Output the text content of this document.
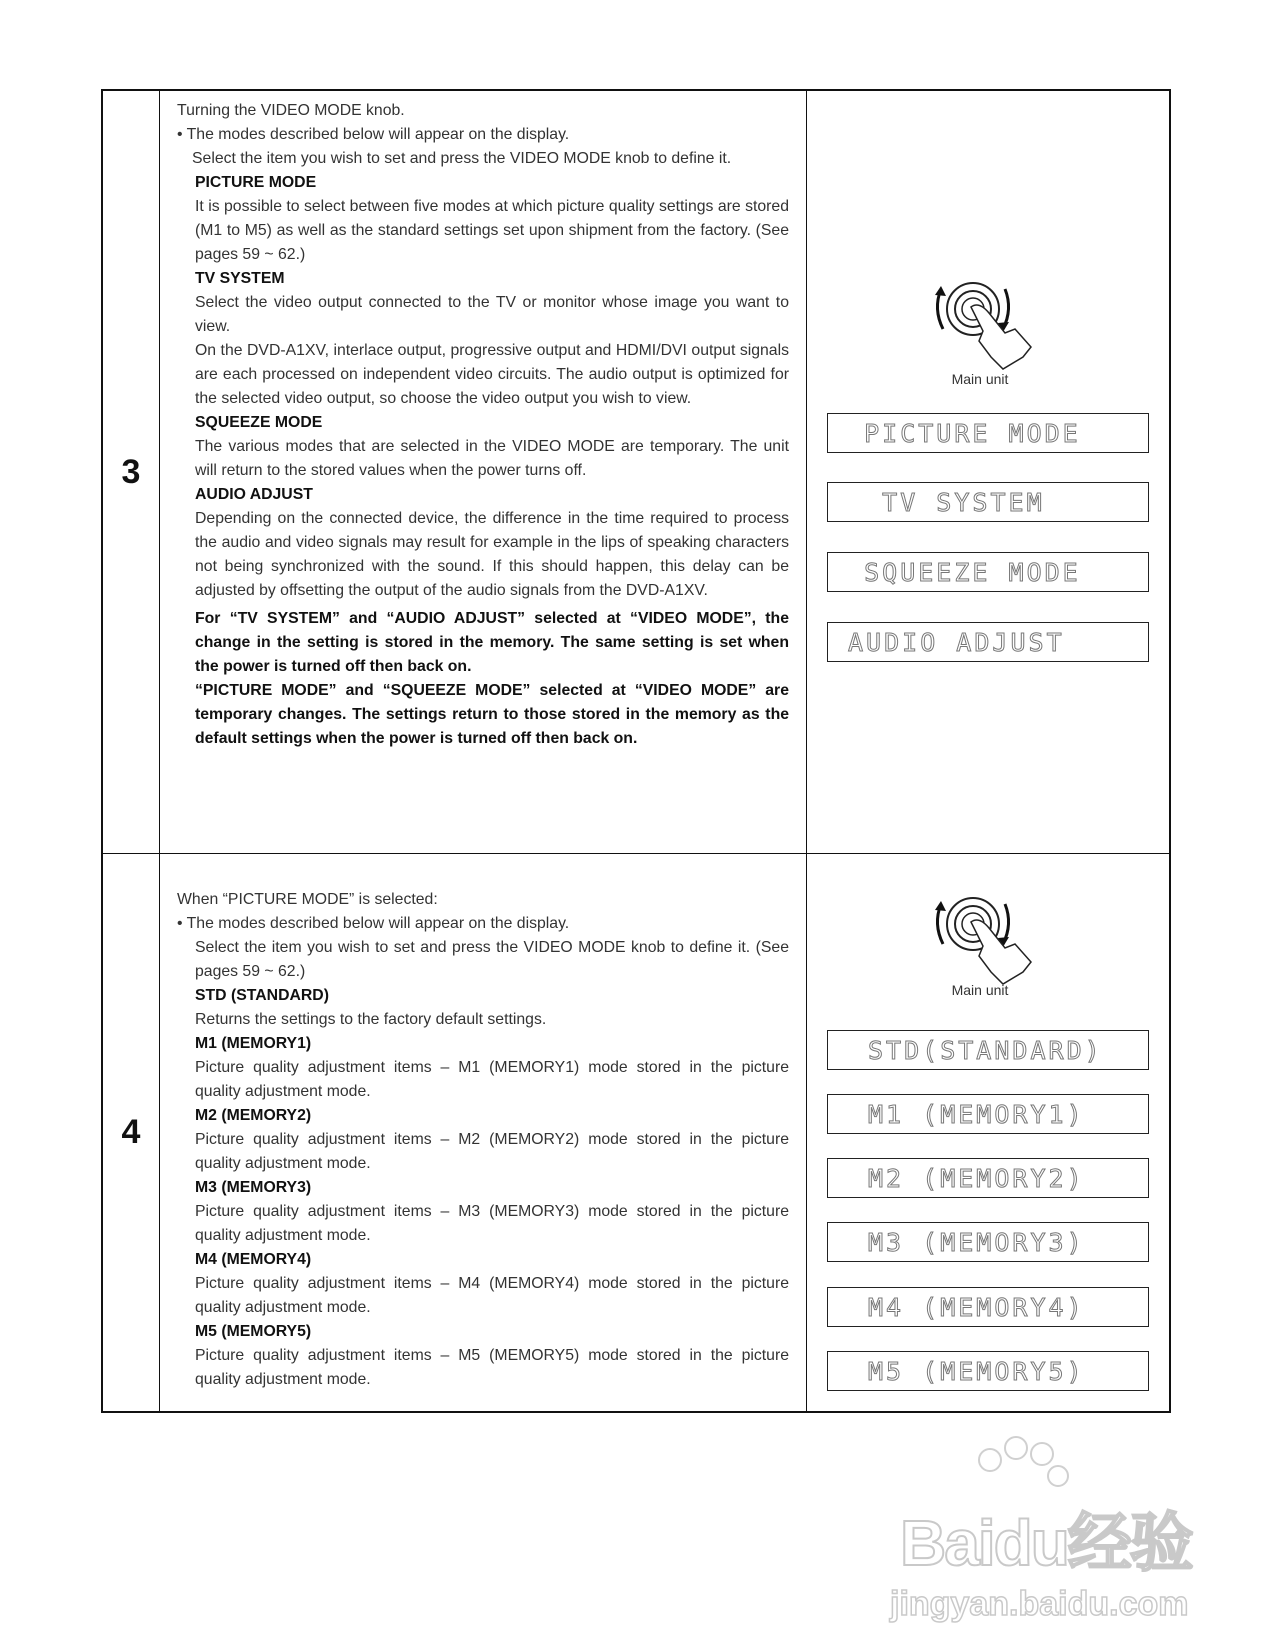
3

Turning the VIDEO MODE knob.

• The modes described below will appear on the display.

Select the item you wish to set and press the VIDEO MODE knob to define it.

PICTURE MODE

It is possible to select between five modes at which picture quality settings are stored (M1 to M5) as well as the standard settings set upon shipment from the factory. (See pages 59 ~ 62.)

TV SYSTEM

Select the video output connected to the TV or monitor whose image you want to view.

On the DVD-A1XV, interlace output, progressive output and HDMI/DVI output signals are each processed on independent video circuits. The audio output is optimized for the selected video output, so choose the video output you wish to view.

SQUEEZE MODE

The various modes that are selected in the VIDEO MODE are temporary. The unit will return to the stored values when the power turns off.

AUDIO ADJUST

Depending on the connected device, the difference in the time required to process the audio and video signals may result for example in the lips of speaking characters not being synchronized with the sound. If this should happen, this delay can be adjusted by offsetting the output of the audio signals from the DVD-A1XV.

For “TV SYSTEM” and “AUDIO ADJUST” selected at “VIDEO MODE”, the change in the setting is stored in the memory. The same setting is set when the power is turned off then back on.

“PICTURE MODE” and “SQUEEZE MODE” selected at “VIDEO MODE” are temporary changes. The settings return to those stored in the memory as the default settings when the power is turned off then back on.

Main unit
PICTURE MODE
TV SYSTEM
SQUEEZE MODE
AUDIO ADJUST
4

When “PICTURE MODE” is selected:

• The modes described below will appear on the display.

Select the item you wish to set and press the VIDEO MODE knob to define it. (See pages 59 ~ 62.)

STD (STANDARD)

Returns the settings to the factory default settings.

M1 (MEMORY1)

Picture quality adjustment items – M1 (MEMORY1) mode stored in the picture quality adjustment mode.

M2 (MEMORY2)

Picture quality adjustment items – M2 (MEMORY2) mode stored in the picture quality adjustment mode.

M3 (MEMORY3)

Picture quality adjustment items – M3 (MEMORY3) mode stored in the picture quality adjustment mode.

M4 (MEMORY4)

Picture quality adjustment items – M4 (MEMORY4) mode stored in the picture quality adjustment mode.

M5 (MEMORY5)

Picture quality adjustment items – M5 (MEMORY5) mode stored in the picture quality adjustment mode.

Main unit
STD(STANDARD)
M1 (MEMORY1)
M2 (MEMORY2)
M3 (MEMORY3)
M4 (MEMORY4)
M5 (MEMORY5)
Baidu经验
jingyan.baidu.com
